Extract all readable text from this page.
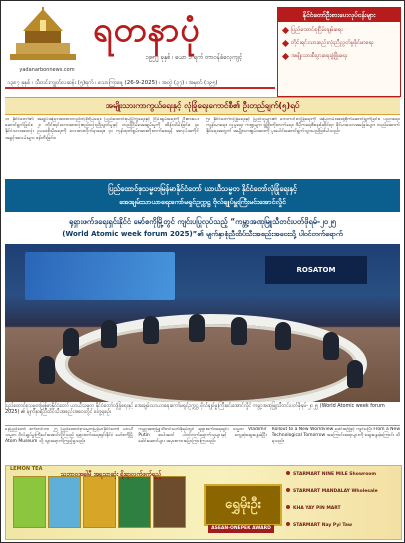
yadanarbonnews.com
ရတနာပုံ
၁၉၅၂ ခုနှစ် ၊ ယော ၁ ရက် တာဝန်ခံလေ့ကျင့်
၁၃၈၇ ခုနှစ် ၊ သီတင်းကျွတ်လဆန်း (၅)ရက် ၊ သောကြာနေ့ (26-9-2025) ၊ အတွဲ (၃၇) ၊ အမှတ် (၁၉၅)
နိုင်ငံတော်ဦးစားပေးလုပ်ငန်းများ
ပြည်ထောင်စုငြိမ်းချမ်းရေး
တိုင်းရင်းသားစည်းလုံးညီညွတ်မှုခိုင်မာရေး
အမျိုးသားစီးပွားရေးဖွံ့ဖြိုးရေး
အမျိုးသားကာကွယ်ရေးနှင့် လုံခြုံရေးကောင်စီ၏ ဦးတည်ချက်(၅)ရပ်
၁။ နိုင်ငံတော်၏ အချုပ်အခြာအာဏာတည်တံ့ခိုင်မြဲရေး၊ ပြည်ထောင်စုမပြိုကွဲရေးနှင့် ငြိမ်းချမ်းရေးကို ဦးစားပေးဆောင်ရွက်ခြင်း။ ၂။ တိုင်းရင်းသားအားလုံးစည်းလုံးညီညွတ်မှုနှင့် တည်ငြိမ်အေးချမ်းမှုကို ထိန်းသိမ်းခြင်း။ ၃။ နိုင်ငံသားအားလုံး ဥပဒေစိုးမိုးရေးကို လေးစားလိုက်နာရေး။ ၄။ ကုန်ထုတ်စွမ်းအားတိုးတက်စေရန် အလုပ်အကိုင်အခွင့်အလမ်းများ ဖန်တီးခြင်း။
၅။ နိုင်ငံတော်လုံခြုံရေးနှင့် ပြည်သူများ၏ ဘေးကင်းလုံခြုံရေးကို အမြဲတမ်းအာရုံစိုက်ဆောင်ရွက်ခြင်း။ ပညာရေး၊ ကျန်းမာရေး၊ လူမှုရေး ကဏ္ဍများ ဖွံ့ဖြိုးတိုးတက်ရေး၊ ဒီမိုကရေစီစနစ်ဆိုင်ရာ ခိုင်မာသောအခြေခံများ တည်ဆောက်နိုင်ရေးအတွက် အမျိုးသားစွမ်းအားကို ပူးပေါင်းဆောင်ရွက်သွားမည်ဖြစ်ပါသည်။
ပြည်ထောင်စုသမ္မတမြန်မာနိုင်ငံတော် ယာယီသမ္မတ နိုင်ငံတော်လုံခြုံရေးနှင့်
အေးချမ်းသာယာရေးကော်မရှင်ဥက္ကဋ္ဌ ဗိုလ်ချုပ်မှူးကြီးမင်းအောင်လှိုင်
ရုရှားဖက်ဒရေးရှင်းနိုင်ငံ မော်စကိုမြို့တွင် ကျင်းပပြုလုပ်သည့် “ကမ္ဘာ့အဏုမြူသီတင်းပတ်ဖိုရမ်-၂၀၂၅
(World Atomic week forum 2025)”၏ မျက်နှာစုံညီထိပ်သီးအစည်းအဝေးသို့ ပါဝင်တက်ရောက်
ROSATOM
ပြည်ထောင်စုသမ္မတမြန်မာနိုင်ငံတော် ယာယီသမ္မတ နိုင်ငံတော်လုံခြုံရေးနှင့် အေးချမ်းသာယာရေးကော်မရှင်ဥက္ကဋ္ဌ ဗိုလ်ချုပ်မှူးကြီးမင်းအောင်လှိုင် ကမ္ဘာ့အဏုမြူသီတင်းပတ်ဖိုရမ်-၂၀၂၅ (World Atomic week forum 2025) ၏ မျက်နှာစုံညီထိပ်သီးအစည်းအဝေးတွင် တွေ့ရစဉ်။
နေပြည်တော် စက်တင်ဘာ ၂၅ ပြည်ထောင်စုသမ္မတမြန်မာနိုင်ငံတော် ယာယီသမ္မတ ဗိုလ်ချုပ်မှူးကြီးမင်းအောင်လှိုင်သည် ရုရှားဖက်ဒရေးရှင်းနိုင်ငံ မော်စကိုမြို့ Atom Museum သို့ သွားရောက်ကြည့်ရှုသည်။
ကမ္ဘာ့အဏုမြူသီတင်းပတ်ဖိုရမ်တွင် ရုရှားဖက်ဒရေးရှင်း သမ္မတ Vladimir Putin အပါအဝင် ပါဝင်တက်ရောက်သူများနှင့် တွေ့ဆုံဆွေးနွေးခဲ့ပြီး ခေါင်းဆောင်များ အမှာစကားပြောကြားကြသည်။
Rollout to a New Worldview ခေါင်းစဉ်ဖြင့် ကျင်းပပြီး From a New Technological Tomorrow အကြောင်းအရာများကို ဆွေးနွေးခဲ့ကြောင်း သိရသည်။
LEMON TEA
သဘာဝအခါမီ အရသာဆုံး ရိုးရာလက်ဖက်ရည်
ရွှေမိုးဦး
ASEAN-ONEPEK AWARD
STARMART NINE MILE Showroom
STARMART MANDALAY Wholesale
KHA YAY PIN MART
STARMART Nay Pyi Taw
